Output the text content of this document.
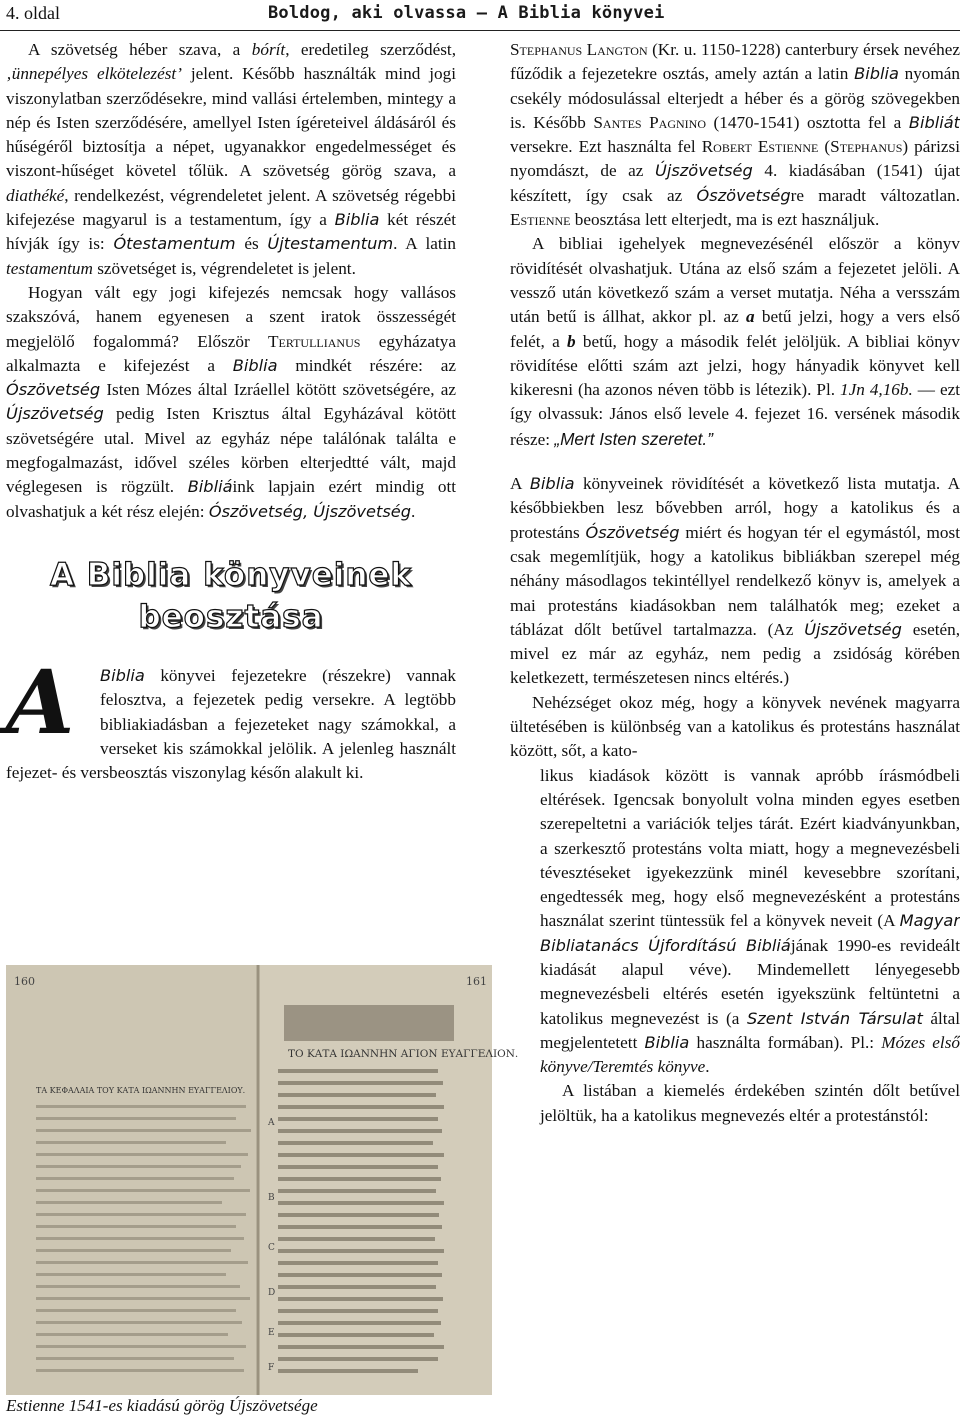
4. oldal	Boldog, aki olvassa — A Biblia könyvei

A szövetség héber szava, a bórít, eredetileg szerződést, ‚ünnepélyes elkötelezést’ jelent. Később használták mind jogi viszonylatban szerződésekre, mind vallási értelemben, mintegy a nép és Isten szerződésére, amellyel Isten ígéreteivel áldásáról és hűségéről biztosítja a népet, ugyanakkor engedelmességet és viszont-hűséget követel tőlük. A szövetség görög szava, a diathéké, rendelkezést, végrendeletet jelent. A szövetség régebbi kifejezése magyarul is a testamentum, így a Biblia két részét hívják így is: Ótestamentum és Újtestamentum. A latin testamentum szövetséget is, végrendeletet is jelent.

Hogyan vált egy jogi kifejezés nemcsak hogy vallásos szakszóvá, hanem egyenesen a szent iratok összességét megjelölő fogalommá? Először Tertullianus egyházatya alkalmazta e kifejezést a Biblia mindkét részére: az Ószövetség Isten Mózes által Izráellel kötött szövetségére, az Újszövetség pedig Isten Krisztus által Egyházával kötött szövetségére utal. Mivel az egyház népe találónak találta e megfogalmazást, idővel széles körben elterjedtté vált, majd véglegesen is rögzült. Bibliáink lapjain ezért mindig ott olvashatjuk a két rész elején: Ószövetség, Újszövetség.

A Biblia könyveinek beosztása
A	Biblia könyvei fejezetekre (részekre) vannak felosztva, a fejezetek pedig versekre. A legtöbb bibliakiadásban a fejezeteket nagy számokkal, a verseket kis számokkal jelölik. A jelenleg használt fejezet- és versbeosztás viszonylag későn alakult ki.

Stephanus Langton (Kr. u. 1150-1228) canterbury érsek nevéhez fűződik a fejezetekre osztás, amely aztán a latin Biblia nyomán csekély módosulással elterjedt a héber és a görög szövegekben is. Később Santes Pagnino (1470-1541) osztotta fel a Bibliát versekre. Ezt használta fel Robert Estienne (Stephanus) párizsi nyomdászt, de az Újszövetség 4. kiadásában (1541) újat készített, így csak az Ószövetségre maradt változatlan. Estienne beosztása lett elterjedt, ma is ezt használjuk.

A bibliai igehelyek megnevezésénél először a könyv rövidítését olvashatjuk. Utána az első szám a fejezetet jelöli. A vessző után következő szám a verset mutatja. Néha a versszám után betű is állhat, akkor pl. az a betű jelzi, hogy a vers első felét, a b betű, hogy a második felét jelöljük. A bibliai könyv rövidítése előtti szám azt jelzi, hogy hányadik könyvet kell kikeresni (ha azonos néven több is létezik). Pl. 1Jn 4,16b. — ezt így olvassuk: János első levele 4. fejezet 16. versének második része: „Mert Isten szeretet.”

A Biblia könyveinek rövidítését a következő lista mutatja. A későbbiekben lesz bővebben arról, hogy a katolikus és a protestáns Ószövetség miért és hogyan tér el egymástól, most csak megemlítjük, hogy a katolikus bibliákban szerepel még néhány másodlagos tekintéllyel rendelkező könyv is, amelyek a mai protestáns kiadásokban nem találhatók meg; ezeket a táblázat dőlt betűvel tartalmazza. (Az Újszövetség esetén, mivel ez már az egyház, nem pedig a zsidóság körében keletkezett, természetesen nincs eltérés.)

Nehézséget okoz még, hogy a könyvek nevének magyarra ültetésében is különbség van a katolikus és protestáns használat között, sőt, a kato-

likus kiadások között is vannak apróbb írásmódbeli eltérések. Igencsak bonyolult volna minden egyes esetben szerepeltetni a variációk teljes tárát. Ezért kiadványunkban, a szerkesztő protestáns volta miatt, hogy a megnevezésbeli tévesztéseket igyekezzünk minél kevesebbre szorítani, engedtessék meg, hogy első megnevezésként a protestáns használat szerint tüntessük fel a könyvek neveit (A Magyar Bibliatanács Újfordítású Bibliájának 1990-es revideált kiadását alapul véve). Mindemellett lényegesebb megnevezésbeli eltérés esetén igyekszünk feltüntetni a katolikus megnevezést is (a Szent István Társulat által megjelentetett Biblia használta formában). Pl.: Mózes első könyve/Teremtés könyve.

A listában a kiemelés érdekében szintén dőlt betűvel jelöltük, ha a katolikus megnevezés eltér a protestánstól:

160	161
ΤΟ ΚΑΤΑ ΙΩΑΝΝΗΝ ΑΓΙΟΝ ΕΥΑΓΓΕΛΙΟΝ.
ΤΑ ΚΕΦΑΛΑΙΑ ΤΟΥ ΚΑΤΑ ΙΩΑΝΝΗΝ ΕΥΑΓΓΕΛΙΟΥ.
A
B
C
D
E
F
Estienne 1541-es kiadású görög Újszövetsége
